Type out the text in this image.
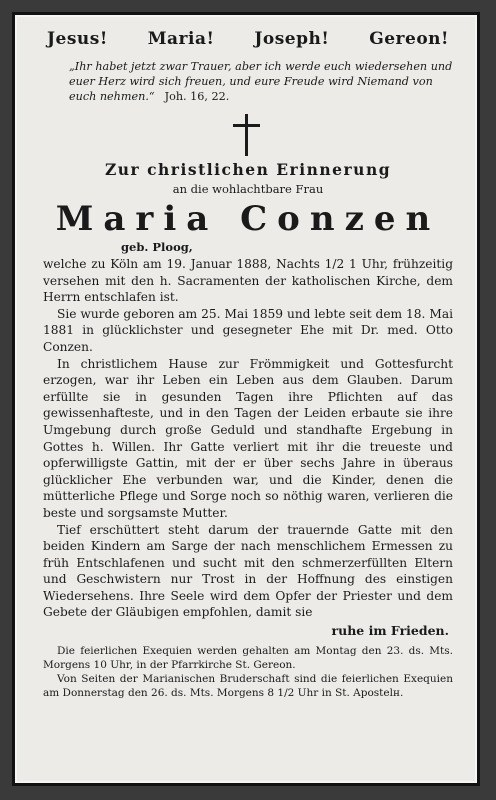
Jesus! Maria! Joseph! Gereon!
„Ihr habet jetzt zwar Trauer, aber ich werde euch wiedersehen und euer Herz wird sich freuen, und eure Freude wird Niemand von euch nehmen.“ Joh. 16, 22.
Zur christlichen Erinnerung
an die wohlachtbare Frau
Maria Conzen
geb. Ploog,

welche zu Köln am 19. Januar 1888, Nachts 1/2 1 Uhr, frühzeitig versehen mit den h. Sacramenten der katholischen Kirche, dem Herrn entschlafen ist.

Sie wurde geboren am 25. Mai 1859 und lebte seit dem 18. Mai 1881 in glücklichster und gesegneter Ehe mit Dr. med. Otto Conzen.

In christlichem Hause zur Frömmigkeit und Gottesfurcht erzogen, war ihr Leben ein Leben aus dem Glauben. Darum erfüllte sie in gesunden Tagen ihre Pflichten auf das gewissenhafteste, und in den Tagen der Leiden erbaute sie ihre Umgebung durch große Geduld und standhafte Ergebung in Gottes h. Willen. Ihr Gatte verliert mit ihr die treueste und opferwilligste Gattin, mit der er über sechs Jahre in überaus glücklicher Ehe verbunden war, und die Kinder, denen die mütterliche Pflege und Sorge noch so nöthig waren, verlieren die beste und sorgsamste Mutter.

Tief erschüttert steht darum der trauernde Gatte mit den beiden Kindern am Sarge der nach menschlichem Ermessen zu früh Entschlafenen und sucht mit den schmerzerfüllten Eltern und Geschwistern nur Trost in der Hoffnung des einstigen Wiedersehens. Ihre Seele wird dem Opfer der Priester und dem Gebete der Gläubigen empfohlen, damit sie

ruhe im Frieden.

Die feierlichen Exequien werden gehalten am Montag den 23. ds. Mts. Morgens 10 Uhr, in der Pfarrkirche St. Gereon.

Von Seiten der Marianischen Bruderschaft sind die feierlichen Exequien am Donnerstag den 26. ds. Mts. Morgens 8 1/2 Uhr in St. Apostelн.
